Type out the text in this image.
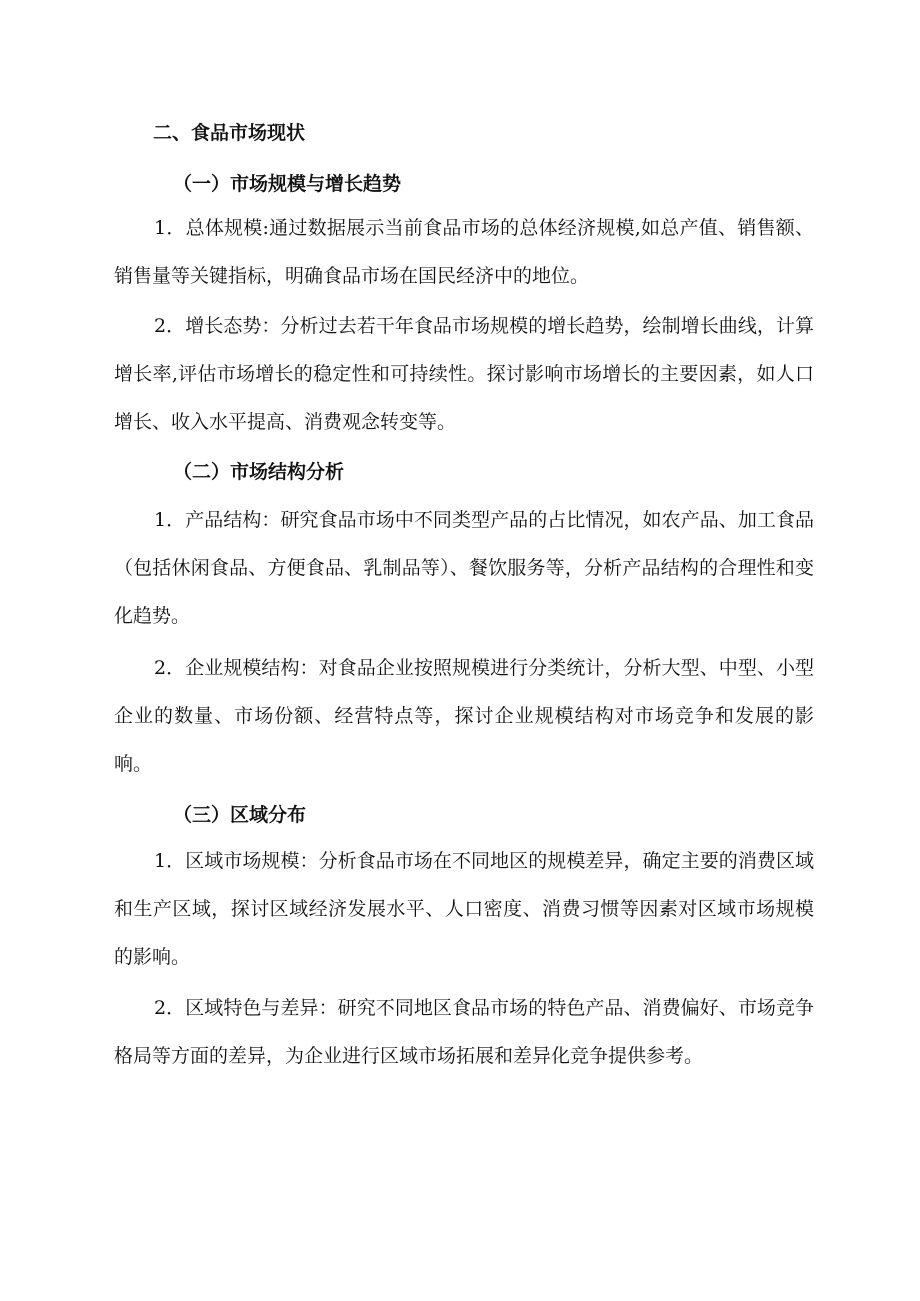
二、食品市场现状
（一）市场规模与增长趋势

1．总体规模:通过数据展示当前食品市场的总体经济规模,如总产值、销售额、销售量等关键指标，明确食品市场在国民经济中的地位。

2．增长态势：分析过去若干年食品市场规模的增长趋势，绘制增长曲线，计算增长率,评估市场增长的稳定性和可持续性。探讨影响市场增长的主要因素，如人口增长、收入水平提高、消费观念转变等。

（二）市场结构分析

1．产品结构：研究食品市场中不同类型产品的占比情况，如农产品、加工食品（包括休闲食品、方便食品、乳制品等）、餐饮服务等，分析产品结构的合理性和变化趋势。

2．企业规模结构：对食品企业按照规模进行分类统计，分析大型、中型、小型企业的数量、市场份额、经营特点等，探讨企业规模结构对市场竞争和发展的影响。

（三）区域分布

1．区域市场规模：分析食品市场在不同地区的规模差异，确定主要的消费区域和生产区域，探讨区域经济发展水平、人口密度、消费习惯等因素对区域市场规模的影响。

2．区域特色与差异：研究不同地区食品市场的特色产品、消费偏好、市场竞争格局等方面的差异，为企业进行区域市场拓展和差异化竞争提供参考。
